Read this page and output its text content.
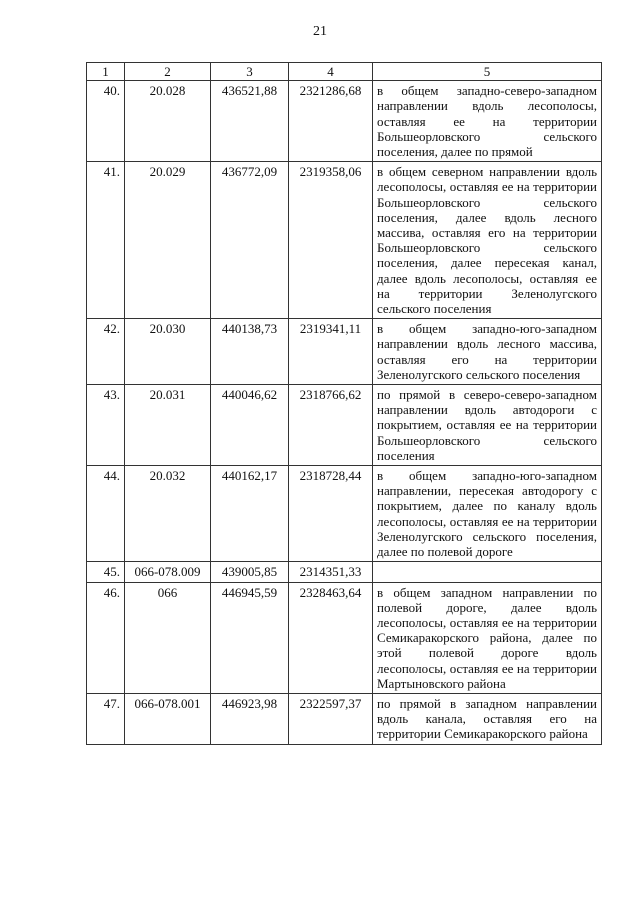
21
1	2	3	4	5
40.	20.028	436521,88	2321286,68	в общем западно-северо-западном направлении вдоль лесополосы, оставляя ее на территории Большеорловского сельского поселения, далее по прямой
41.	20.029	436772,09	2319358,06	в общем северном направлении вдоль лесополосы, оставляя ее на территории Большеорловского сельского поселения, далее вдоль лесного массива, оставляя его на территории Большеорловского сельского поселения, далее пересекая канал, далее вдоль лесополосы, оставляя ее на территории Зеленолугского сельского поселения
42.	20.030	440138,73	2319341,11	в общем западно-юго-западном направлении вдоль лесного массива, оставляя его на территории Зеленолугского сельского поселения
43.	20.031	440046,62	2318766,62	по прямой в северо-северо-западном направлении вдоль автодороги с покрытием, оставляя ее на территории Большеорловского сельского поселения
44.	20.032	440162,17	2318728,44	в общем западно-юго-западном направлении, пересекая автодорогу с покрытием, далее по каналу вдоль лесополосы, оставляя ее на территории Зеленолугского сельского поселения, далее по полевой дороге
45.	066-078.009	439005,85	2314351,33	
46.	066	446945,59	2328463,64	в общем западном направлении по полевой дороге, далее вдоль лесополосы, оставляя ее на территории Семикаракорского района, далее по этой полевой дороге вдоль лесополосы, оставляя ее на территории Мартыновского района
47.	066-078.001	446923,98	2322597,37	по прямой в западном направлении вдоль канала, оставляя его на территории Семикаракорского района
